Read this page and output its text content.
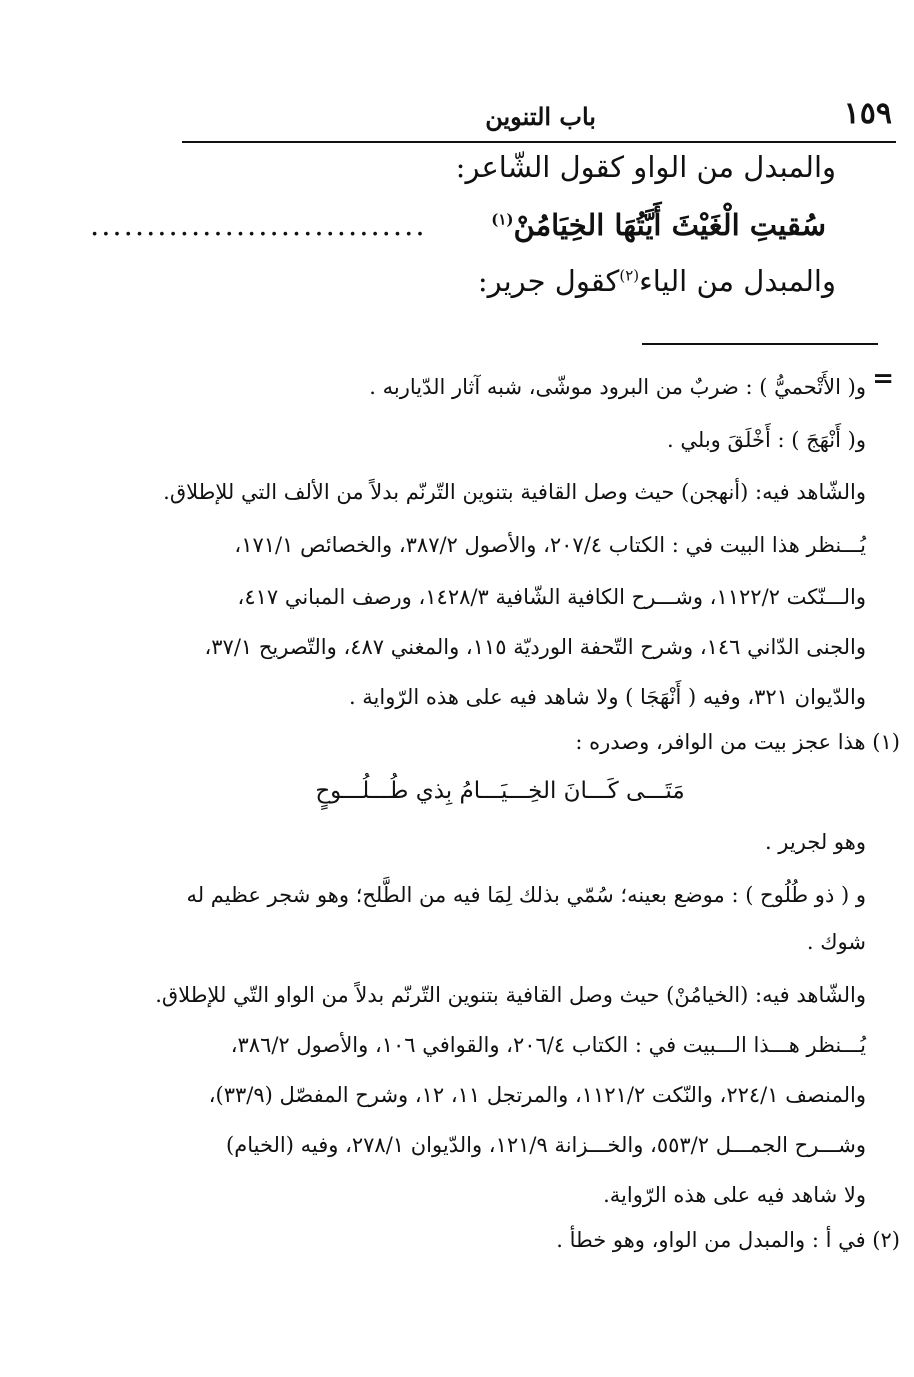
١٥٩
باب التنوين
والمبدل من الواو كقول الشّاعر:
سُقيتِ الْغَيْثَ أَيَّتُهَا الخِيَامُنْ$^{(١)}$
..............................
والمبدل من الياء$^{(٢)}$كقول جرير:
=
و( الأَتْحميُّ ) : ضربٌ من البرود موشّى، شبه آثار الدّياربه .
و( أَنْهَجَ ) : أَخْلَقَ وبلي .
والشّاهد فيه: (أنهجن) حيث وصل القافية بتنوين التّرنّم بدلاً من الألف التي للإطلاق.
يُـــنظر هذا البيت في : الكتاب ٢٠٧/٤، والأصول ٣٨٧/٢، والخصائص ١٧١/١،
والـــنّكت ١١٢٢/٢، وشـــرح الكافية الشّافية ١٤٢٨/٣، ورصف المباني ٤١٧،
والجنى الدّاني ١٤٦، وشرح التّحفة الورديّة ١١٥، والمغني ٤٨٧، والتّصريح ٣٧/١،
والدّيوان ٣٢١، وفيه ( أَنْهَجَا ) ولا شاهد فيه على هذه الرّواية .
(١) هذا عجز بيت من الوافر، وصدره :
مَتَـــى كَـــانَ الخِـــيَـــامُ بِذي طُـــلُـــوحٍ
وهو لجرير .
و ( ذو طُلُوح ) : موضع بعينه؛ سُمّي بذلك لِمَا فيه من الطَّلح؛ وهو شجر عظيم له
شوك .
والشّاهد فيه: (الخيامُنْ) حيث وصل القافية بتنوين التّرنّم بدلاً من الواو التّي للإطلاق.
يُـــنظر هـــذا الـــبيت في : الكتاب ٢٠٦/٤، والقوافي ١٠٦، والأصول ٣٨٦/٢،
والمنصف ٢٢٤/١، والنّكت ١١٢١/٢، والمرتجل ١١، ١٢، وشرح المفصّل (٣٣/٩)،
وشـــرح الجمـــل ٥٥٣/٢، والخـــزانة ١٢١/٩، والدّيوان ٢٧٨/١، وفيه (الخيام)
ولا شاهد فيه على هذه الرّواية.
(٢) في أ : والمبدل من الواو، وهو خطأ .
